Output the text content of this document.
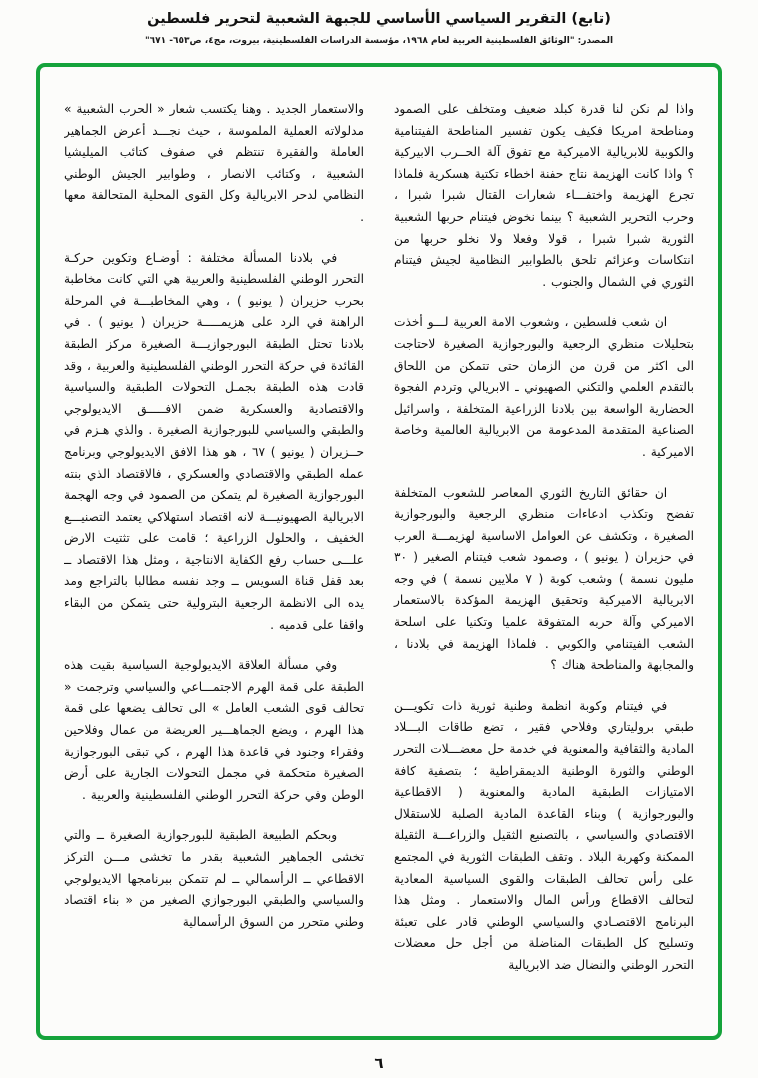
(تابع) التقرير السياسي الأساسي للجبهة الشعبية لتحرير فلسطين
المصدر: "الوثائق الفلسطينية العربية لعام ١٩٦٨، مؤسسة الدراسات الفلسطينية، بيروت، مج٤، ص٦٥٣- ٦٧١"

واذا لم نكن لنا قدرة كبلد ضعيف ومتخلف على الصمود ومناطحة امريكا فكيف يكون تفسير المناطحة الفيتنامية والكوبية للابريالية الاميركية مع تفوق آلة الحــرب الابيركية ؟ واذا كانت الهزيمة نتاج حفنة اخطاء تكتية هسكرية فلماذا تجرع الهزيمة واختفـــاء شعارات القتال شبرا شبرا ، وحرب التحرير الشعبية ؟ بينما نخوض فيتنام حربها الشعبية الثورية شبرا شبرا ، قولا وفعلا ولا نخلو حربها من انتكاسات وعزائم تلحق بالطوابير النظامية لجيش فيتنام الثوري في الشمال والجنوب .

ان شعب فلسطين ، وشعوب الامة العربية لـــو أخذت بتحليلات منظري الرجعية والبورجوازية الصغيرة لاحتاجت الى اكثر من قرن من الزمان حتى تتمكن من اللحاق بالتقدم العلمي والتكني الصهيوني ـ الابريالي وتردم الفجوة الحضارية الواسعة بين بلادنا الزراعية المتخلفة ، واسرائيل الصناعية المتقدمة المدعومة من الابريالية العالمية وخاصة الاميركية .

ان حقائق التاريخ الثوري المعاصر للشعوب المتخلفة تفضح وتكذب ادعاءات منظري الرجعية والبورجوازية الصغيرة ، وتكشف عن العوامل الاساسية لهزيمـــة العرب في حزيران ( يونيو ) ، وصمود شعب فيتنام الصغير ( ٣٠ مليون نسمة ) وشعب كوبة ( ٧ ملايين نسمة ) في وجه الابريالية الاميركية وتحقيق الهزيمة المؤكدة بالاستعمار الاميركي وآلة حربه المتفوقة علميا وتكنيا على اسلحة الشعب الفيتنامي والكوبي . فلماذا الهزيمة في بلادنا ، والمجابهة والمناطحة هناك ؟

في فيتنام وكوبة انظمة وطنية ثورية ذات تكويـــن طبقي بروليتاري وفلاحي فقير ، تضع طاقات البـــلاد المادية والثقافية والمعنوية في خدمة حل معضـــلات التحرر الوطني والثورة الوطنية الديمقراطية ؛ بتصفية كافة الامتيازات الطبقية المادية والمعنوية ( الاقطاعية والبورجوازية ) وبناء القاعدة المادية الصلبة للاستقلال الاقتصادي والسياسي ، بالتصنيع الثقيل والزراعـــة الثقيلة الممكنة وكهربة البلاد . وتقف الطبقات الثورية في المجتمع على رأس تحالف الطبقات والقوى السياسية المعادية لتحالف الاقطاع ورأس المال والاستعمار . ومثل هذا البرنامج الاقتصـادي والسياسي الوطني قادر على تعبئة وتسليح كل الطبقات المناضلة من أجل حل معضلات التحرر الوطني والنضال ضد الابريالية

والاستعمار الجديد . وهنا يكتسب شعار « الحرب الشعبية » مدلولاته العملية الملموسة ، حيث نجـــد أعرض الجماهير العاملة والفقيرة تنتظم في صفوف كتائب الميليشيا الشعبية ، وكتائب الانصار ، وطوابير الجيش الوطني النظامي لدحر الابريالية وكل القوى المحلية المتحالفة معها .

في بلادنا المسألة مختلفة : أوضـاع وتكوين حركـة التحرر الوطني الفلسطينية والعربية هي التي كانت مخاطبة بحرب حزيران ( يونيو ) ، وهي المخاطبـــة في المرحلة الراهنة في الرد على هزيمـــــة حزيران ( يونيو ) . في بلادنا تحتل الطبقة البورجوازيـــة الصغيرة مركز الطبقة القائدة في حركة التحرر الوطني الفلسطينية والعربية ، وقد قادت هذه الطبقة بجمـل التحولات الطبقية والسياسية والاقتصادية والعسكرية ضمن الافـــــق الايديولوجي والطبقي والسياسي للبورجوازية الصغيرة . والذي هـزم في حــزيران ( يونيو ) ٦٧ ، هو هذا الافق الايديولوجي وبرنامج عمله الطبقي والاقتصادي والعسكري ، فالاقتصاد الذي بنته البورجوازية الصغيرة لم يتمكن من الصمود في وجه الهجمة الابريالية الصهيونيـــة لانه اقتصاد استهلاكي يعتمد التصنيـــع الخفيف ، والحلول الزراعية ؛ قامت على تثتيت الارض علـــى حساب رفع الكفاية الانتاجية ، ومثل هذا الاقتصاد ــ بعد قفل قناة السويس ــ وجد نفسه مطالبا بالتراجع ومد يده الى الانظمة الرجعية البترولية حتى يتمكن من البقاء واقفا على قدميه .

وفي مسألة العلاقة الايديولوجية السياسية بقيت هذه الطبقة على قمة الهرم الاجتمـــاعي والسياسي وترجمت « تحالف قوى الشعب العامل » الى تحالف يضعها على قمة هذا الهرم ، ويضع الجماهـــير العريضة من عمال وفلاحين وفقراء وجنود في قاعدة هذا الهرم ، كي تبقى البورجوازية الصغيرة متحكمة في مجمل التحولات الجارية على أرض الوطن وفي حركة التحرر الوطني الفلسطينية والعربية .

وبحكم الطبيعة الطبقية للبورجوازية الصغيرة ــ والتي تخشى الجماهير الشعبية بقدر ما تخشى مـــن التركز الاقطاعي ــ الرأسمالي ــ لم تتمكن ببرنامجها الايديولوجي والسياسي والطبقي البورجوازي الصغير من « بناء اقتصاد وطني متحرر من السوق الرأسمالية

٦
